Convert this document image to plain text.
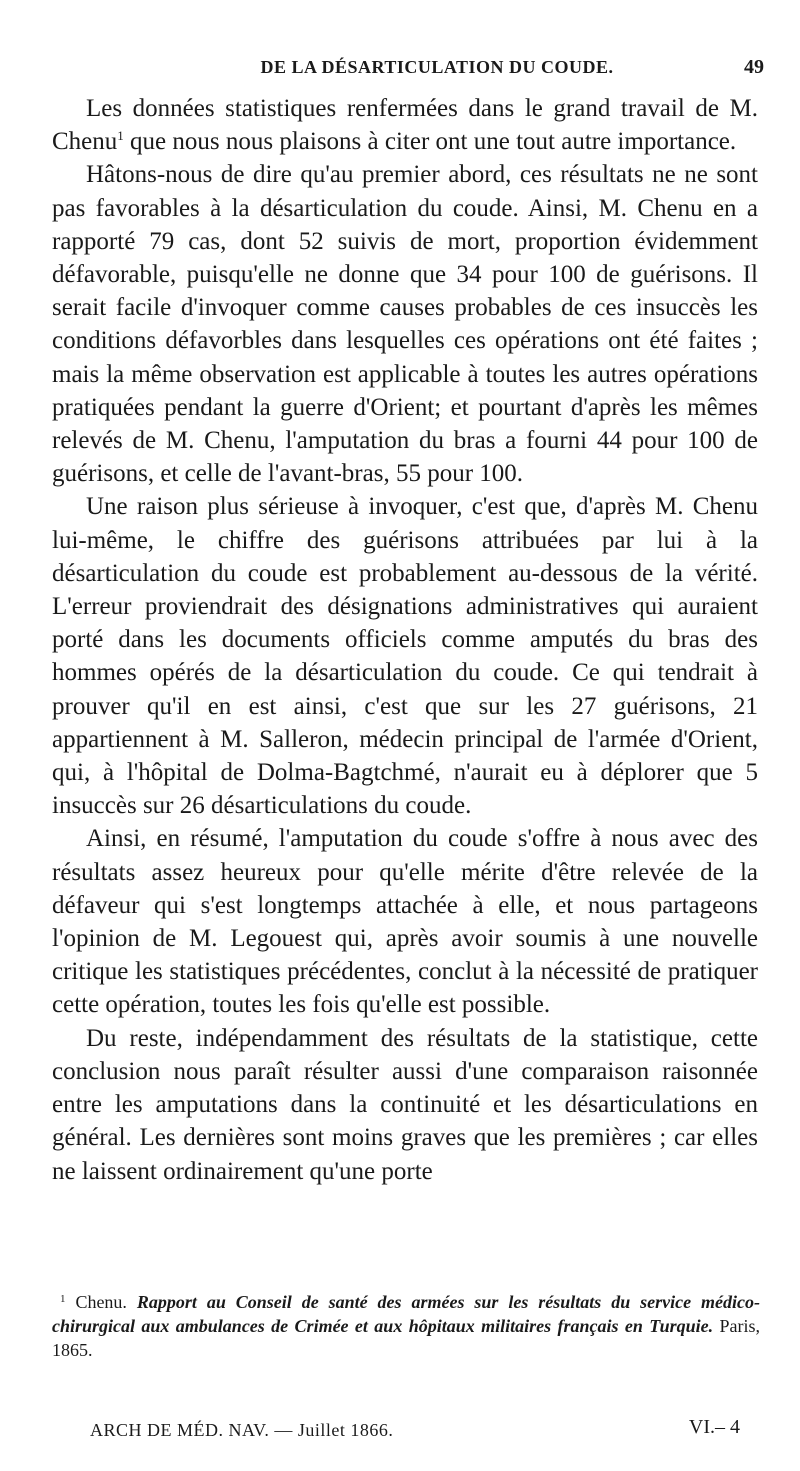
DE LA DÉSARTICULATION DU COUDE.	49

Les données statistiques renfermées dans le grand travail de M. Chenu$^1$ que nous nous plaisons à citer ont une tout autre importance.

Hâtons-nous de dire qu'au premier abord, ces résultats ne ne sont pas favorables à la désarticulation du coude. Ainsi, M. Chenu en a rapporté 79 cas, dont 52 suivis de mort, proportion évidemment défavorable, puisqu'elle ne donne que 34 pour 100 de guérisons. Il serait facile d'invoquer comme causes probables de ces insuccès les conditions défavorbles dans lesquelles ces opérations ont été faites ; mais la même observation est applicable à toutes les autres opérations pratiquées pendant la guerre d'Orient; et pourtant d'après les mêmes relevés de M. Chenu, l'amputation du bras a fourni 44 pour 100 de guérisons, et celle de l'avant-bras, 55 pour 100.

Une raison plus sérieuse à invoquer, c'est que, d'après M. Chenu lui-même, le chiffre des guérisons attribuées par lui à la désarticulation du coude est probablement au-dessous de la vérité. L'erreur proviendrait des désignations administratives qui auraient porté dans les documents officiels comme amputés du bras des hommes opérés de la désarticulation du coude. Ce qui tendrait à prouver qu'il en est ainsi, c'est que sur les 27 guérisons, 21 appartiennent à M. Salleron, médecin principal de l'armée d'Orient, qui, à l'hôpital de Dolma-Bagtchmé, n'aurait eu à déplorer que 5 insuccès sur 26 désarticulations du coude.

Ainsi, en résumé, l'amputation du coude s'offre à nous avec des résultats assez heureux pour qu'elle mérite d'être relevée de la défaveur qui s'est longtemps attachée à elle, et nous partageons l'opinion de M. Legouest qui, après avoir soumis à une nouvelle critique les statistiques précédentes, conclut à la nécessité de pratiquer cette opération, toutes les fois qu'elle est possible.

Du reste, indépendamment des résultats de la statistique, cette conclusion nous paraît résulter aussi d'une comparaison raisonnée entre les amputations dans la continuité et les désarticulations en général. Les dernières sont moins graves que les premières ; car elles ne laissent ordinairement qu'une porte

$^1$ Chenu. Rapport au Conseil de santé des armées sur les résultats du service médico-chirurgical aux ambulances de Crimée et aux hôpitaux militaires français en Turquie. Paris, 1865.
ARCH DE MÉD. NAV. — Juillet 1866.	VI.– 4
